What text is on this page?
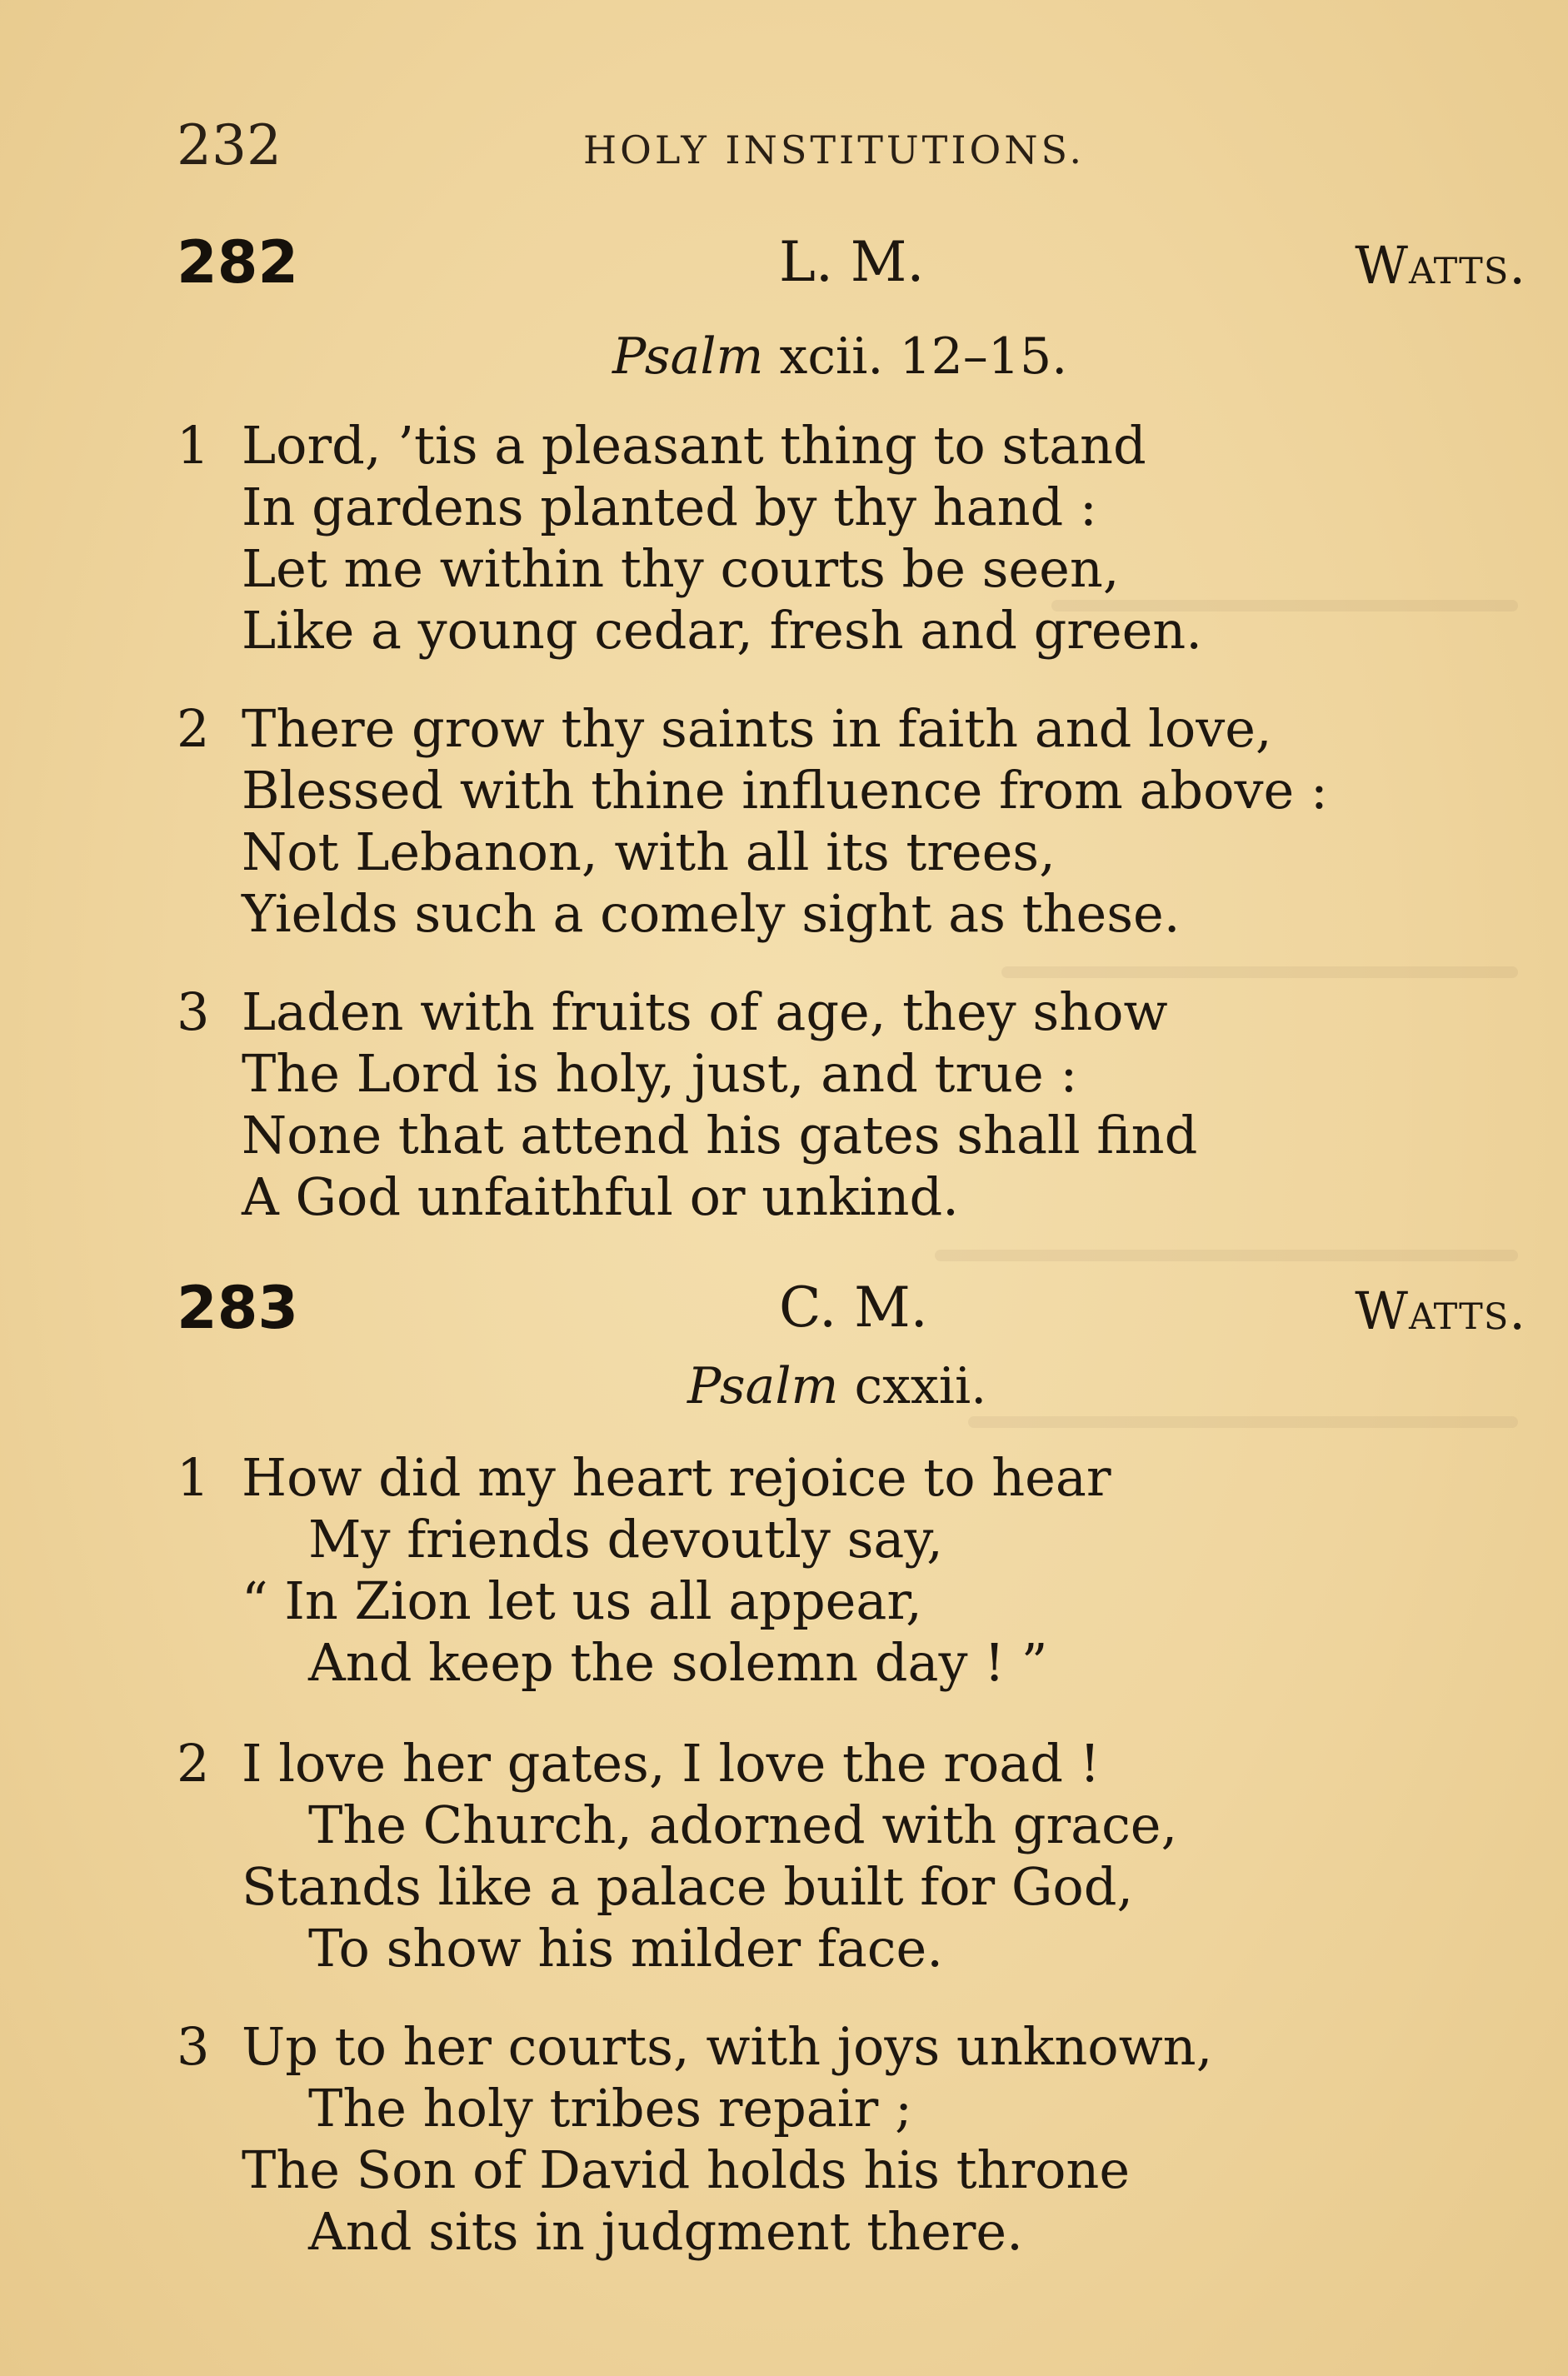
232	HOLY INSTITUTIONS.
282	L. M.	Watts.
Psalm xcii. 12–15.
1 Lord, ’tis a pleasant thing to stand
In gardens planted by thy hand :
Let me within thy courts be seen,
Like a young cedar, fresh and green.
2 There grow thy saints in faith and love,
Blessed with thine influence from above :
Not Lebanon, with all its trees,
Yields such a comely sight as these.
3 Laden with fruits of age, they show
The Lord is holy, just, and true :
None that attend his gates shall find
A God unfaithful or unkind.
283	C. M.	Watts.
Psalm cxxii.
1 How did my heart rejoice to hear
My friends devoutly say,
“ In Zion let us all appear,
And keep the solemn day ! ”
2 I love her gates, I love the road !
The Church, adorned with grace,
Stands like a palace built for God,
To show his milder face.
3 Up to her courts, with joys unknown,
The holy tribes repair ;
The Son of David holds his throne
And sits in judgment there.
